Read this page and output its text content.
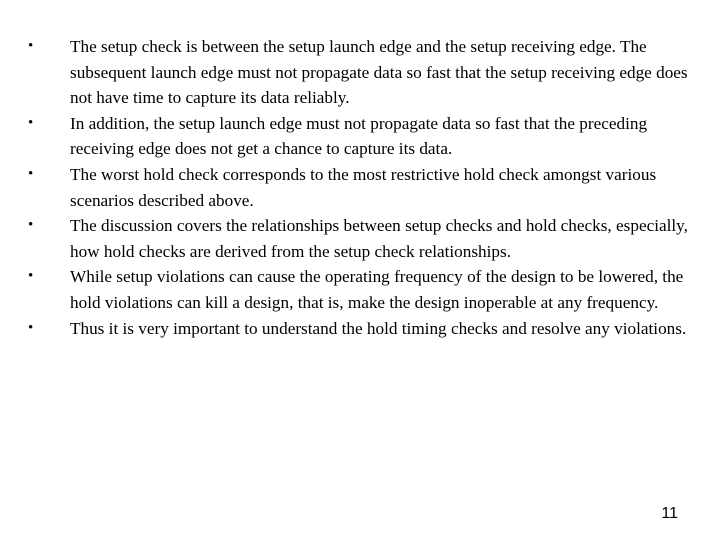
• The setup check is between the setup launch edge and the setup receiving edge. The subsequent launch edge must not propagate data so fast that the setup receiving edge does not have time to capture its data reliably.
• In addition, the setup launch edge must not propagate data so fast that the preceding receiving edge does not get a chance to capture its data.
• The worst hold check corresponds to the most restrictive hold check amongst various scenarios described above.
• The discussion covers the relationships between setup checks and hold checks, especially, how hold checks are derived from the setup check relationships.
• While setup violations can cause the operating frequency of the design to be lowered, the hold violations can kill a design, that is, make the design inoperable at any frequency.
• Thus it is very important to understand the hold timing checks and resolve any violations.
11
